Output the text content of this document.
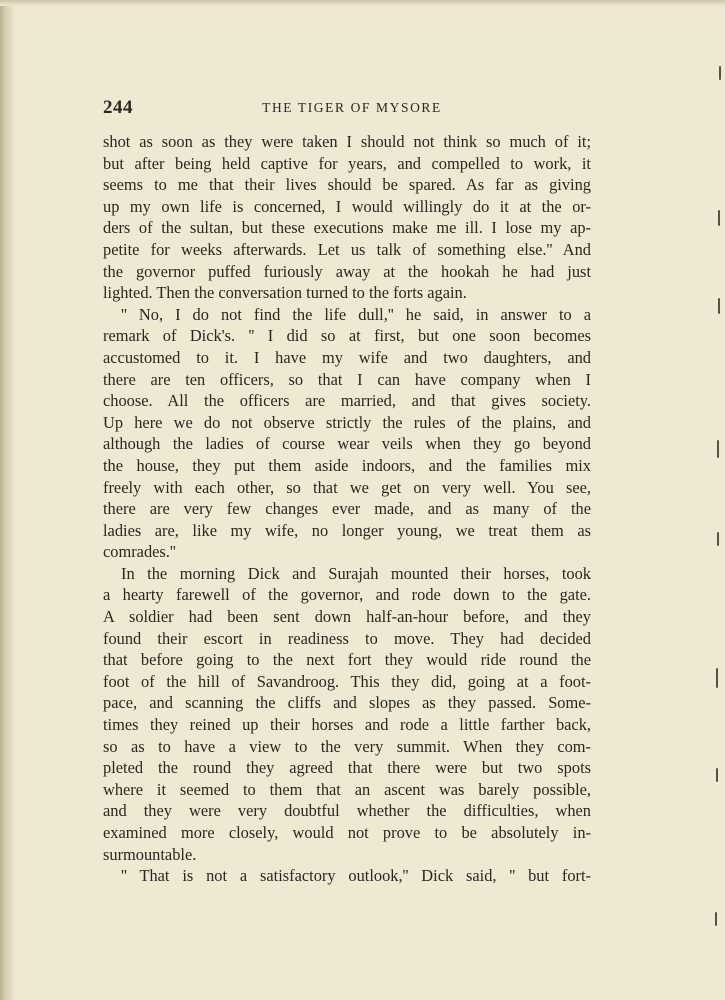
244	THE TIGER OF MYSORE
shot as soon as they were taken I should not think so much of it;
but after being held captive for years, and compelled to work, it
seems to me that their lives should be spared. As far as giving
up my own life is concerned, I would willingly do it at the or-
ders of the sultan, but these executions make me ill. I lose my ap-
petite for weeks afterwards. Let us talk of something else.'' And
the governor puffed furiously away at the hookah he had just
lighted. Then the conversation turned to the forts again.
'' No, I do not find the life dull,'' he said, in answer to a
remark of Dick's. '' I did so at first, but one soon becomes
accustomed to it. I have my wife and two daughters, and
there are ten officers, so that I can have company when I
choose. All the officers are married, and that gives society.
Up here we do not observe strictly the rules of the plains, and
although the ladies of course wear veils when they go beyond
the house, they put them aside indoors, and the families mix
freely with each other, so that we get on very well. You see,
there are very few changes ever made, and as many of the
ladies are, like my wife, no longer young, we treat them as
comrades.''
In the morning Dick and Surajah mounted their horses, took
a hearty farewell of the governor, and rode down to the gate.
A soldier had been sent down half-an-hour before, and they
found their escort in readiness to move. They had decided
that before going to the next fort they would ride round the
foot of the hill of Savandroog. This they did, going at a foot-
pace, and scanning the cliffs and slopes as they passed. Some-
times they reined up their horses and rode a little farther back,
so as to have a view to the very summit. When they com-
pleted the round they agreed that there were but two spots
where it seemed to them that an ascent was barely possible,
and they were very doubtful whether the difficulties, when
examined more closely, would not prove to be absolutely in-
surmountable.
'' That is not a satisfactory outlook,'' Dick said, '' but fort-
